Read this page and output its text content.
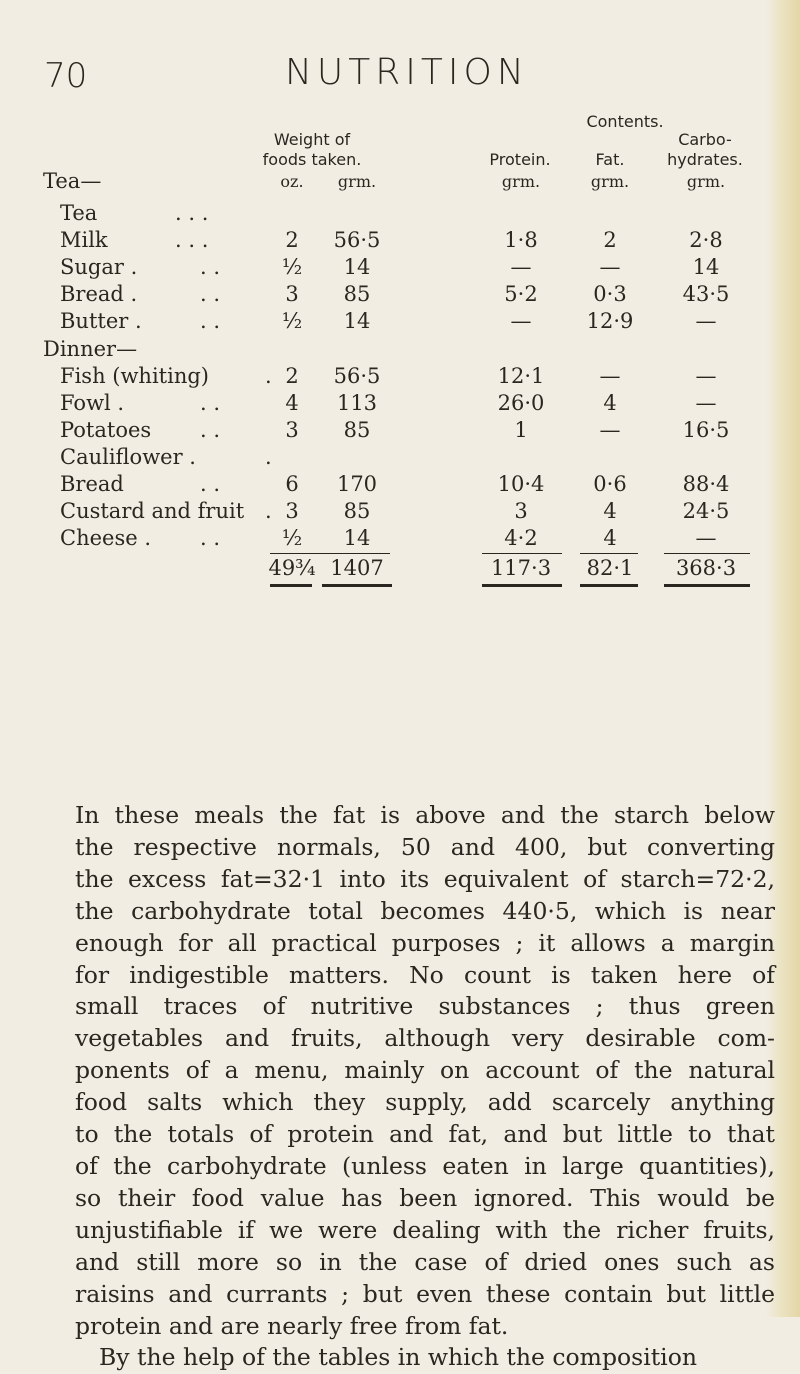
70	NUTRITION
Contents.
Weight of
foods taken.	Protein.	Fat.
Carbo-
hydrates.
Tea—	oz. grm.	grm.	grm.	grm.
Tea	. . .
Milk	. . .	2 56·5	1·8	2	2·8
Sugar .	. .	½ 14	—	—	14
Bread .	. .	3 85	5·2	0·3	43·5
Butter .	. .	½ 14	—	12·9	—
Dinner—
Fish (whiting)	. 2 56·5	12·1	—	—
Fowl .	. .	4 113	26·0	4	—
Potatoes . .	3 85	1	—	16·5
Cauliflower .	.
Bread	. .	6 170	10·4 0·6	88·4
Custard and fruit . 3 85	3	4	24·5
Cheese . . .	½ 14	4·2	4	—
49¾ 1407	117·3 82·1 368·3

In these meals the fat is above and the starch below

the respective normals, 50 and 400, but converting

the excess fat=32·1 into its equivalent of starch=72·2,

the carbohydrate total becomes 440·5, which is near

enough for all practical purposes ; it allows a margin

for indigestible matters. No count is taken here of

small traces of nutritive substances ; thus green

vegetables and fruits, although very desirable com-

ponents of a menu, mainly on account of the natural

food salts which they supply, add scarcely anything

to the totals of protein and fat, and but little to that

of the carbohydrate (unless eaten in large quantities),

so their food value has been ignored. This would be

unjustifiable if we were dealing with the richer fruits,

and still more so in the case of dried ones such as

raisins and currants ; but even these contain but little

protein and are nearly free from fat.

By the help of the tables in which the composition
